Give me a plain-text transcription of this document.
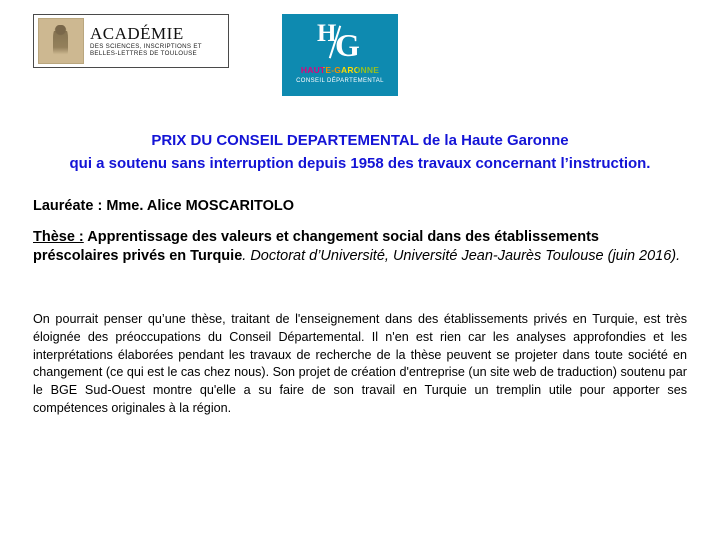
ACADÉMIE
DES SCIENCES, INSCRIPTIONS ET
BELLES-LETTRES DE TOULOUSE
H G
HAUTE-GARONNE
CONSEIL DÉPARTEMENTAL
PRIX DU CONSEIL DEPARTEMENTAL de la Haute Garonne
qui a soutenu sans interruption depuis 1958 des travaux concernant l’instruction.
Lauréate : Mme. Alice MOSCARITOLO
Thèse : Apprentissage des valeurs et changement social dans des établissements préscolaires privés en Turquie. Doctorat d’Université, Université Jean-Jaurès Toulouse (juin 2016).
On pourrait penser qu’une thèse, traitant de l'enseignement dans des établissements privés en Turquie, est très éloignée des préoccupations du Conseil Départemental. Il n'en est rien car les analyses approfondies et les interprétations élaborées pendant les travaux de recherche de la thèse peuvent se projeter dans toute société en changement (ce qui est le cas chez nous). Son projet de création d'entreprise (un site web de traduction) soutenu par le BGE Sud-Ouest montre qu'elle a su faire de son travail en Turquie un tremplin utile pour apporter ses compétences originales à la région.
